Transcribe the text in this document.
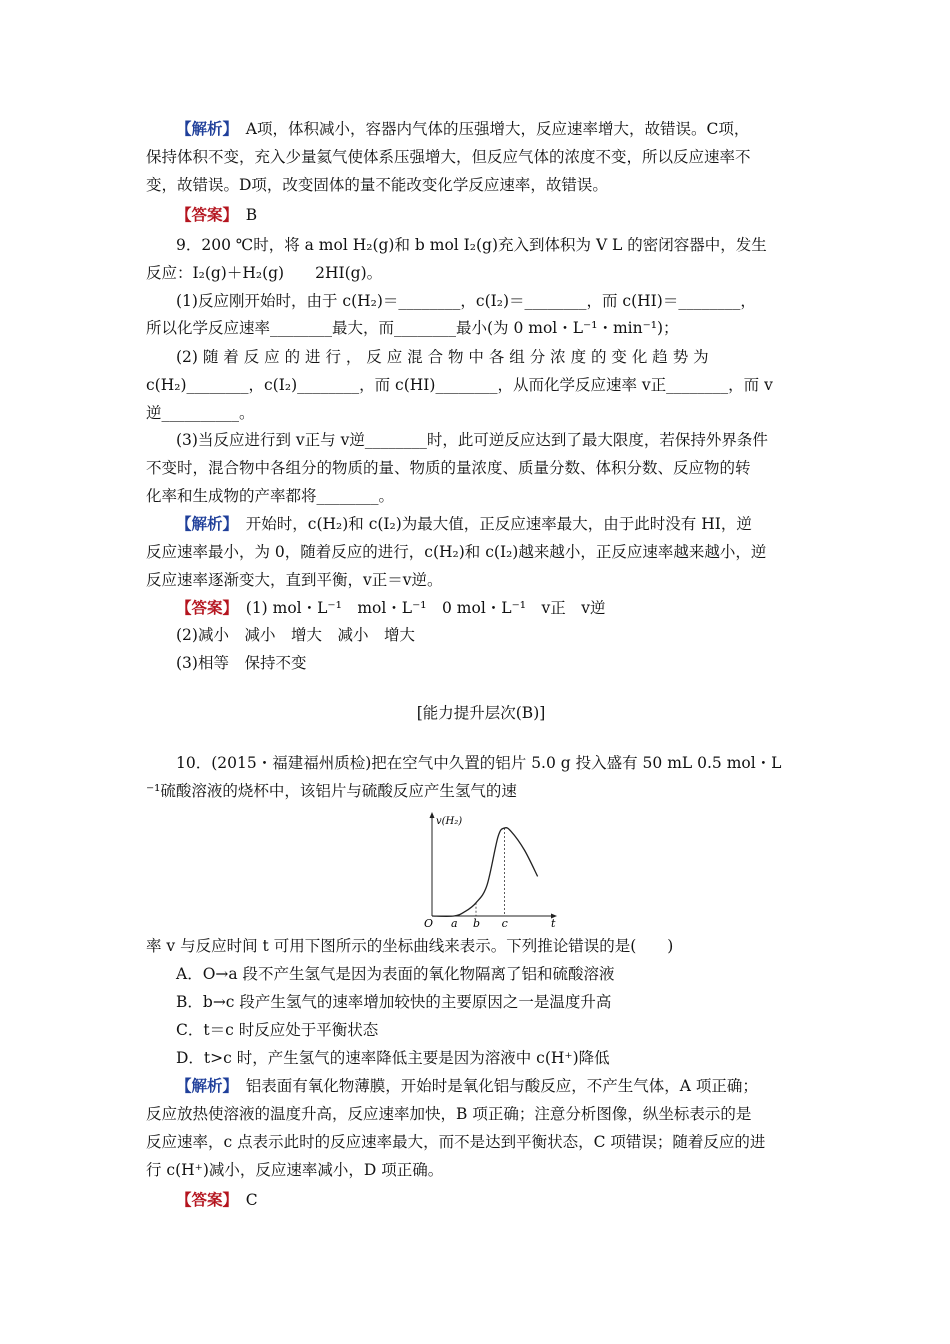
【解析】　A项，体积减小，容器内气体的压强增大，反应速率增大，故错误。C项，
保持体积不变，充入少量氦气使体系压强增大，但反应气体的浓度不变，所以反应速率不
变，故错误。D项，改变固体的量不能改变化学反应速率，故错误。
【答案】　B
9．200 ℃时，将 a mol H₂(g)和 b mol I₂(g)充入到体积为 V L 的密闭容器中，发生
反应：I₂(g)＋H₂(g)　　2HI(g)。
(1)反应刚开始时，由于 c(H₂)＝________，c(I₂)＝________，而 c(HI)＝________，
所以化学反应速率________最大，而________最小(为 0 mol・L⁻¹・min⁻¹)；
(2) 随 着 反 应 的 进 行 ， 反 应 混 合 物 中 各 组 分 浓 度 的 变 化 趋 势 为
c(H₂)________，c(I₂)________，而 c(HI)________，从而化学反应速率 v正________，而 v
逆__________。
(3)当反应进行到 v正与 v逆________时，此可逆反应达到了最大限度，若保持外界条件
不变时，混合物中各组分的物质的量、物质的量浓度、质量分数、体积分数、反应物的转
化率和生成物的产率都将________。
【解析】　开始时，c(H₂)和 c(I₂)为最大值，正反应速率最大，由于此时没有 HI，逆
反应速率最小，为 0，随着反应的进行，c(H₂)和 c(I₂)越来越小，正反应速率越来越小，逆
反应速率逐渐变大，直到平衡，v正＝v逆。
【答案】　(1) mol・L⁻¹　mol・L⁻¹　0 mol・L⁻¹　v正　v逆
(2)减小　减小　增大　减小　增大
(3)相等　保持不变
[能力提升层次(B)]
10．(2015・福建福州质检)把在空气中久置的铝片 5.0 g 投入盛有 50 mL 0.5 mol・L
⁻¹硫酸溶液的烧杯中，该铝片与硫酸反应产生氢气的速
率 v 与反应时间 t 可用下图所示的坐标曲线来表示。下列推论错误的是(　　)
A．O→a 段不产生氢气是因为表面的氧化物隔离了铝和硫酸溶液
B．b→c 段产生氢气的速率增加较快的主要原因之一是温度升高
C．t＝c 时反应处于平衡状态
D．t>c 时，产生氢气的速率降低主要是因为溶液中 c(H⁺)降低
【解析】　铝表面有氧化物薄膜，开始时是氧化铝与酸反应，不产生气体，A 项正确；
反应放热使溶液的温度升高，反应速率加快，B 项正确；注意分析图像，纵坐标表示的是
反应速率，c 点表示此时的反应速率最大，而不是达到平衡状态，C 项错误；随着反应的进
行 c(H⁺)减小，反应速率减小，D 项正确。
【答案】　C
v(H₂)
t
O a b c
